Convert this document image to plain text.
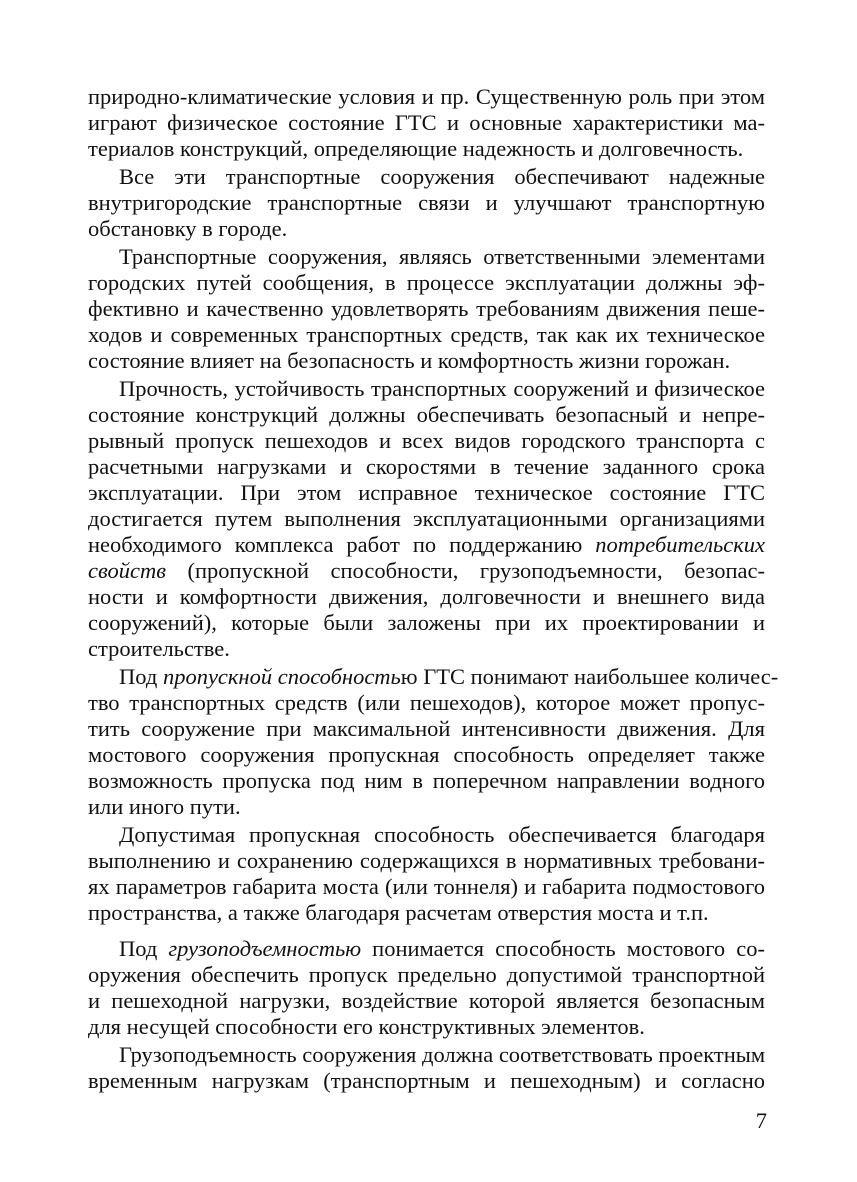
природно-климатические условия и пр. Существенную роль при этом
играют физическое состояние ГТС и основные характеристики ма-
териалов конструкций, определяющие надежность и долговечность.
Все эти транспортные сооружения обеспечивают надежные
внутригородские транспортные связи и улучшают транспортную
обстановку в городе.
Транспортные сооружения, являясь ответственными элементами
городских путей сообщения, в процессе эксплуатации должны эф-
фективно и качественно удовлетворять требованиям движения пеше-
ходов и современных транспортных средств, так как их техническое
состояние влияет на безопасность и комфортность жизни горожан.
Прочность, устойчивость транспортных сооружений и физическое
состояние конструкций должны обеспечивать безопасный и непре-
рывный пропуск пешеходов и всех видов городского транспорта с
расчетными нагрузками и скоростями в течение заданного срока
эксплуатации. При этом исправное техническое состояние ГТС
достигается путем выполнения эксплуатационными организациями
необходимого комплекса работ по поддержанию потребительских
свойств (пропускной способности, грузоподъемности, безопас-
ности и комфортности движения, долговечности и внешнего вида
сооружений), которые были заложены при их проектировании и
строительстве.
Под пропускной способностью ГТС понимают наибольшее количес-
тво транспортных средств (или пешеходов), которое может пропус-
тить сооружение при максимальной интенсивности движения. Для
мостового сооружения пропускная способность определяет также
возможность пропуска под ним в поперечном направлении водного
или иного пути.
Допустимая пропускная способность обеспечивается благодаря
выполнению и сохранению содержащихся в нормативных требовани-
ях параметров габарита моста (или тоннеля) и габарита подмостового
пространства, а также благодаря расчетам отверстия моста и т.п.
Под грузоподъемностью понимается способность мостового со-
оружения обеспечить пропуск предельно допустимой транспортной
и пешеходной нагрузки, воздействие которой является безопасным
для несущей способности его конструктивных элементов.
Грузоподъемность сооружения должна соответствовать проектным
временным нагрузкам (транспортным и пешеходным) и согласно
7
